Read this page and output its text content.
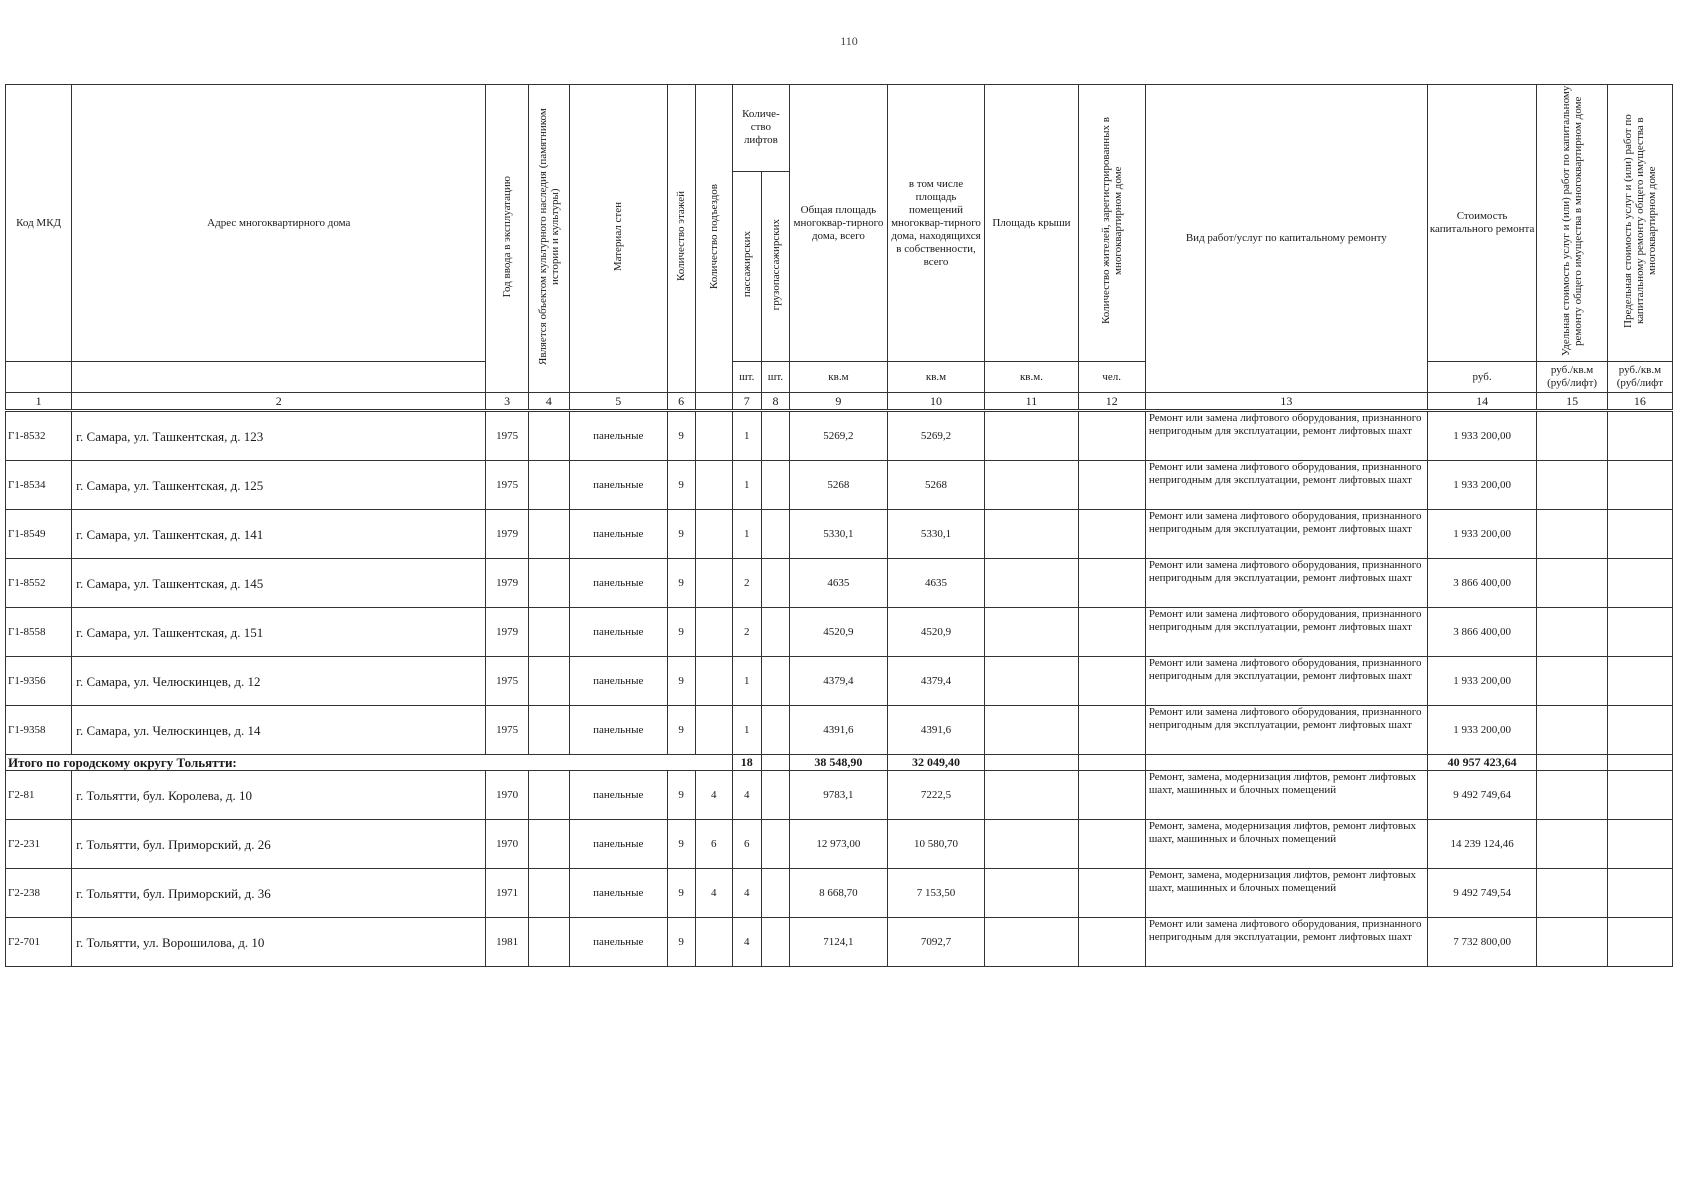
110
Код МКД	Адрес многоквартирного дома	Год ввода в эксплуатацию	Является объектом культурного наследия (памятником истории и культуры)	Материал стен	Количество этажей	Количество подъездов	Количе-ство лифтов		Общая площадь многоквар-тирного дома, всего	в том числе площадь помещений многоквар-тирного дома, находящихся в собственности, всего	Площадь крыши	Количество жителей, зарегистрированных в многоквартирном доме	Вид работ/услуг по капитальному ремонту	Стоимость капитального ремонта	Удельная стоимость услуг и (или) работ по капитальному ремонту общего имущества в многоквартирном доме	Предельная стоимость услуг и (или) работ по капитальному ремонту общего имущества в многоквартирном доме
							пассажирских	грузопассажирских								
							шт.	шт.	кв.м	кв.м	кв.м.	чел.		руб.	руб./кв.м (руб/лифт)	руб./кв.м (руб/лифт
1	2	3	4	5	6		7	8	9	10	11	12	13	14	15	16
Г1-8532	г. Самара, ул. Ташкентская, д. 123	1975		панельные	9		1		5269,2	5269,2			Ремонт или замена лифтового оборудования, признанного непригодным для эксплуатации, ремонт лифтовых шахт	1 933 200,00		
Г1-8534	г. Самара, ул. Ташкентская, д. 125	1975		панельные	9		1		5268	5268			Ремонт или замена лифтового оборудования, признанного непригодным для эксплуатации, ремонт лифтовых шахт	1 933 200,00		
Г1-8549	г. Самара, ул. Ташкентская, д. 141	1979		панельные	9		1		5330,1	5330,1			Ремонт или замена лифтового оборудования, признанного непригодным для эксплуатации, ремонт лифтовых шахт	1 933 200,00		
Г1-8552	г. Самара, ул. Ташкентская, д. 145	1979		панельные	9		2		4635	4635			Ремонт или замена лифтового оборудования, признанного непригодным для эксплуатации, ремонт лифтовых шахт	3 866 400,00		
Г1-8558	г. Самара, ул. Ташкентская, д. 151	1979		панельные	9		2		4520,9	4520,9			Ремонт или замена лифтового оборудования, признанного непригодным для эксплуатации, ремонт лифтовых шахт	3 866 400,00		
Г1-9356	г. Самара, ул. Челюскинцев, д. 12	1975		панельные	9		1		4379,4	4379,4			Ремонт или замена лифтового оборудования, признанного непригодным для эксплуатации, ремонт лифтовых шахт	1 933 200,00		
Г1-9358	г. Самара, ул. Челюскинцев, д. 14	1975		панельные	9		1		4391,6	4391,6			Ремонт или замена лифтового оборудования, признанного непригодным для эксплуатации, ремонт лифтовых шахт	1 933 200,00		
Итого по городскому округу Тольятти:							18		38 548,90	32 049,40				40 957 423,64		
Г2-81	г. Тольятти, бул. Королева, д. 10	1970		панельные	9	4	4		9783,1	7222,5			Ремонт, замена, модернизация лифтов, ремонт лифтовых шахт, машинных и блочных помещений	9 492 749,64		
Г2-231	г. Тольятти, бул. Приморский, д. 26	1970		панельные	9	6	6		12 973,00	10 580,70			Ремонт, замена, модернизация лифтов, ремонт лифтовых шахт, машинных и блочных помещений	14 239 124,46		
Г2-238	г. Тольятти, бул. Приморский, д. 36	1971		панельные	9	4	4		8 668,70	7 153,50			Ремонт, замена, модернизация лифтов, ремонт лифтовых шахт, машинных и блочных помещений	9 492 749,54		
Г2-701	г. Тольятти, ул. Ворошилова, д. 10	1981		панельные	9		4		7124,1	7092,7			Ремонт или замена лифтового оборудования, признанного непригодным для эксплуатации, ремонт лифтовых шахт	7 732 800,00		
